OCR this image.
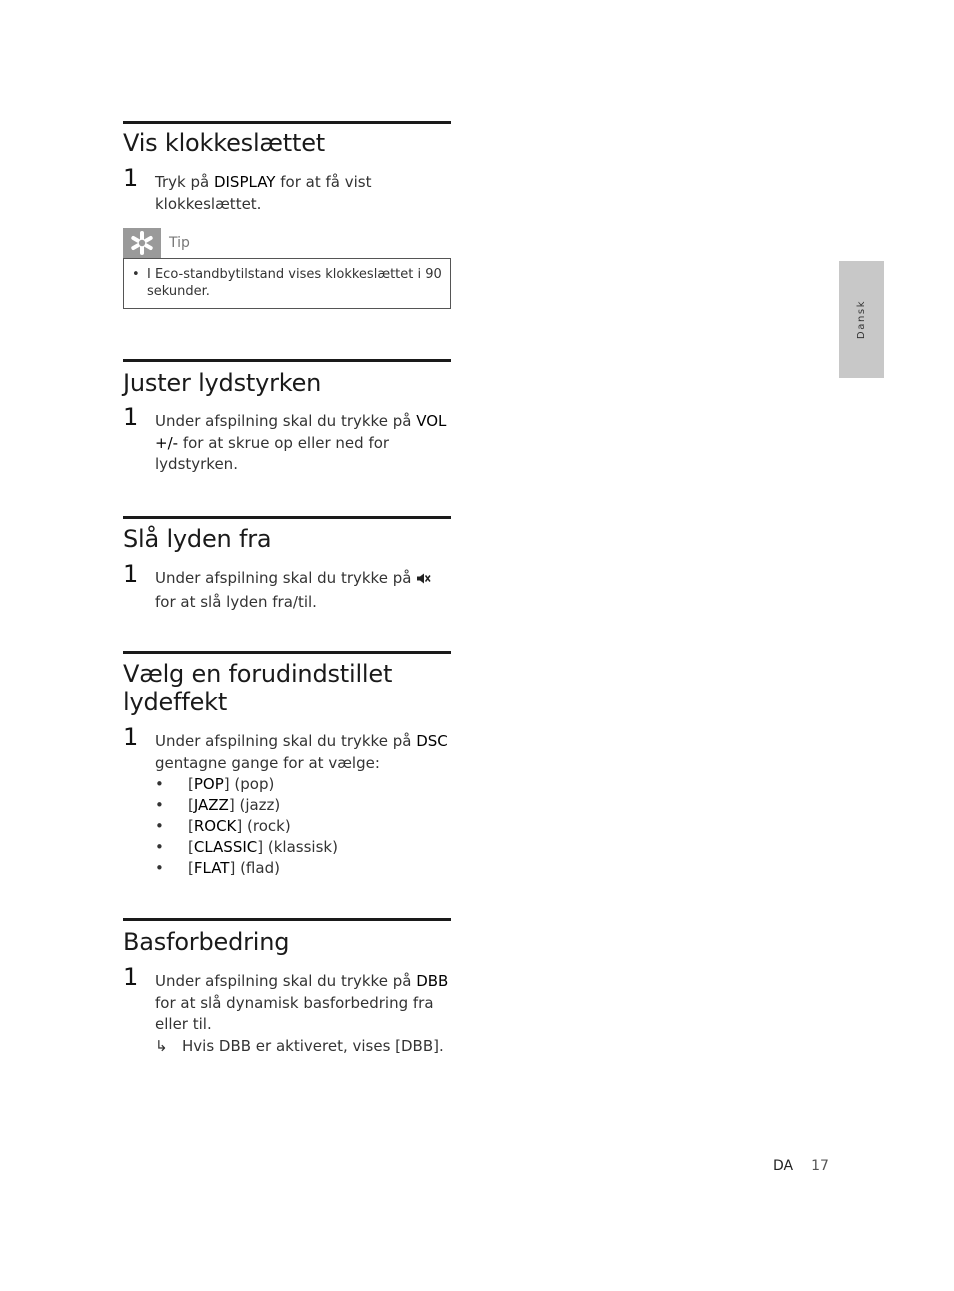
Vis klokkeslættet
1 Tryk på DISPLAY for at få vist klokkeslættet.
Tip
• I Eco-standbytilstand vises klokkeslættet i 90 sekunder.
Juster lydstyrken
1 Under afspilning skal du trykke på VOL +/- for at skrue op eller ned for lydstyrken.
Slå lyden fra
1 Under afspilning skal du trykke på  for at slå lyden fra/til.
Vælg en forudindstillet lydeffekt
1 Under afspilning skal du trykke på DSC gentagne gange for at vælge:
• [POP] (pop)
• [JAZZ] (jazz)
• [ROCK] (rock)
• [CLASSIC] (klassisk)
• [FLAT] (flad)
Basforbedring
1 Under afspilning skal du trykke på DBB for at slå dynamisk basforbedring fra eller til.
↳ Hvis DBB er aktiveret, vises [DBB].
Dansk
DA 17
